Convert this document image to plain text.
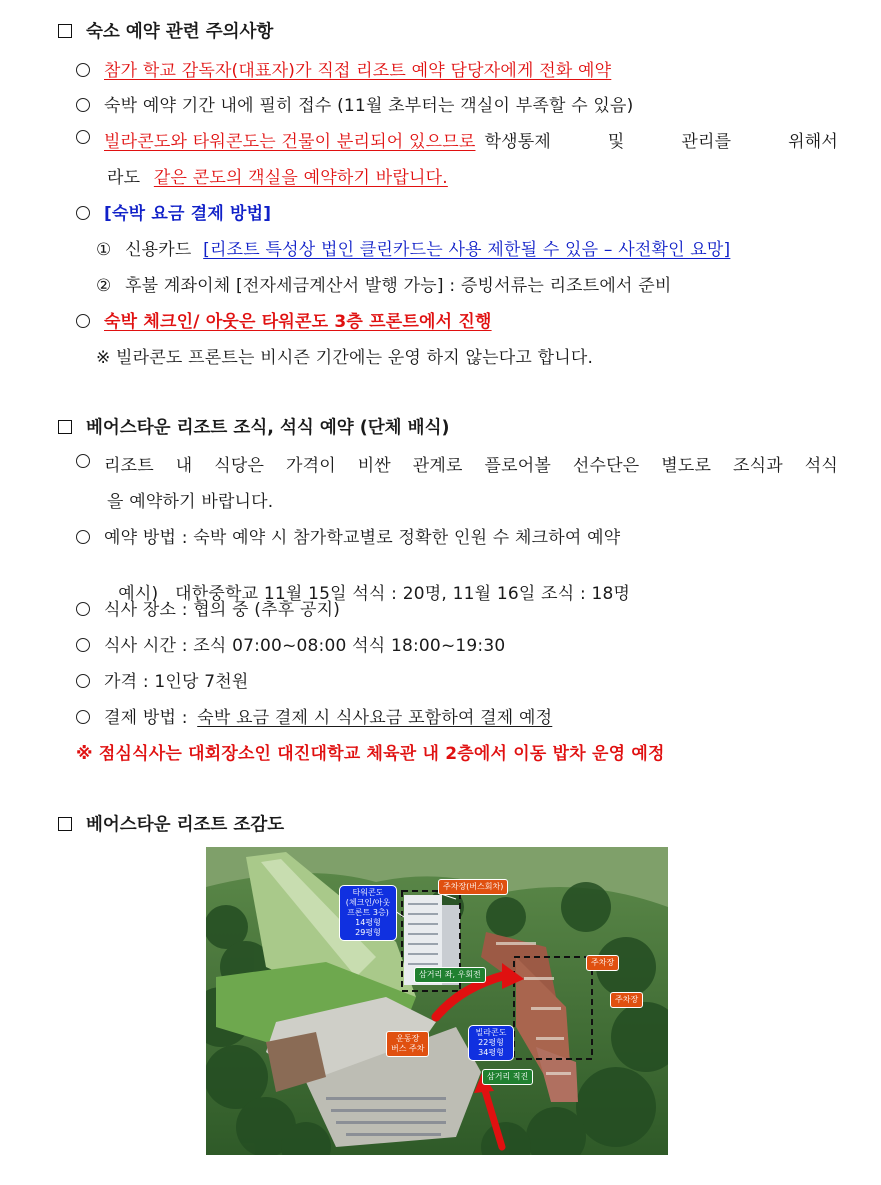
숙소 예약 관련 주의사항
참가 학교 감독자(대표자)가 직접 리조트 예약 담당자에게 전화 예약
숙박 예약 기간 내에 필히 접수 (11월 초부터는 객실이 부족할 수 있음)
빌라콘도와 타워콘도는 건물이 분리되어 있으므로 학생통제	및	관리를	위해서
라도 같은 콘도의 객실을 예약하기 바랍니다.
[숙박 요금 결제 방법]
① 신용카드 [리조트 특성상 법인 클린카드는 사용 제한될 수 있음 – 사전확인 요망]
② 후불 계좌이체 [전자세금계산서 발행 가능] : 증빙서류는 리조트에서 준비
숙박 체크인/ 아웃은 타워콘도 3층 프론트에서 진행
※ 빌라콘도 프론트는 비시즌 기간에는 운영 하지 않는다고 합니다.
베어스타운 리조트 조식, 석식 예약 (단체 배식)
리조트 내 식당은 가격이 비싼 관계로 플로어볼 선수단은 별도로 조식과 석식
을 예약하기 바랍니다.
예약 방법 : 숙박 예약 시 참가학교별로 정확한 인원 수 체크하여 예약

예시)   대한중학교 11월 15일 석식 : 20명, 11월 16일 조식 : 18명

식사 장소 : 협의 중 (추후 공지)
식사 시간 : 조식 07:00~08:00 석식 18:00~19:30
가격 : 1인당 7천원
결제 방법 : 숙박 요금 결제 시 식사요금 포함하여 결제 예정
※ 점심식사는 대회장소인 대진대학교 체육관 내 2층에서 이동 밥차 운영 예정
베어스타운 리조트 조감도
타워콘도
(체크인/아웃
프론트 3층)
14평형
29평형
주차장(버스회차)
주차장
주차장
삼거리 좌, 우회전
빌라콘도
22평형
34평형
운동장
버스 주차
삼거리 직진
